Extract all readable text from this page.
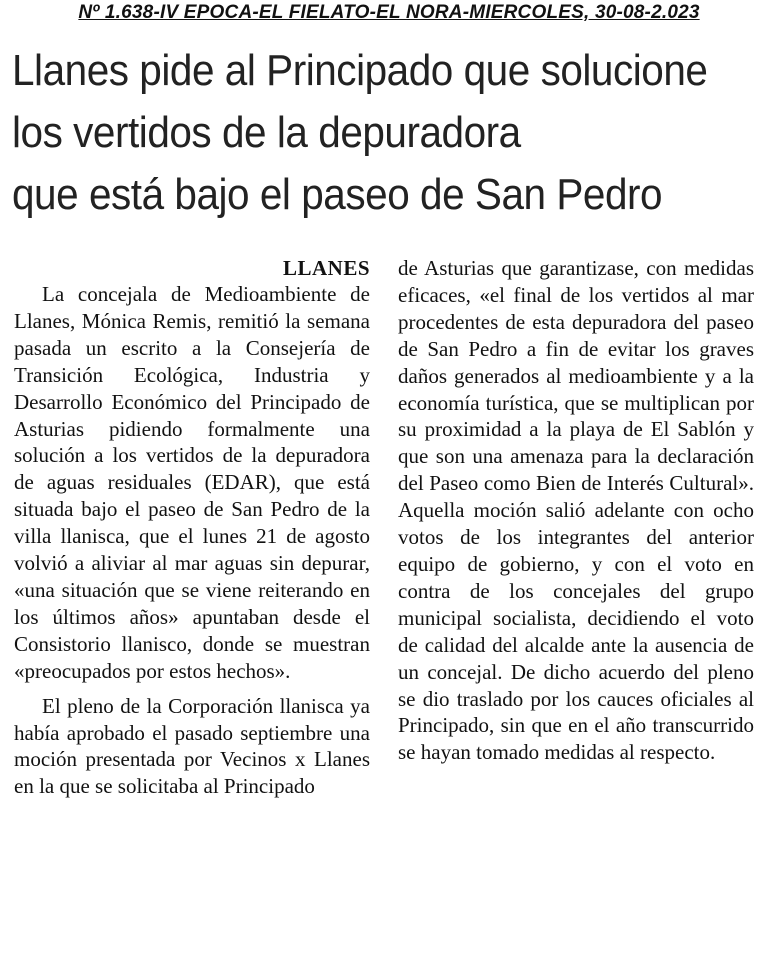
Nº 1.638-IV EPOCA-EL FIELATO-EL NORA-MIERCOLES, 30-08-2.023
Llanes pide al Principado que solucione
los vertidos de la depuradora
que está bajo el paseo de San Pedro
LLANES

La concejala de Medioambiente de Llanes, Mónica Remis, remitió la semana pasada un escrito a la Consejería de Transición Ecológica, Industria y Desarrollo Económico del Principado de Asturias pidiendo formalmente una solución a los vertidos de la depuradora de aguas residuales (EDAR), que está situada bajo el paseo de San Pedro de la villa llanisca, que el lunes 21 de agosto volvió a aliviar al mar aguas sin depurar, «una situación que se viene reiterando en los últimos años» apuntaban desde el Consistorio llanisco, donde se muestran «preocupados por estos hechos».

El pleno de la Corporación llanisca ya había aprobado el pasado septiembre una moción presentada por Vecinos x Llanes en la que se solicitaba al Principado

de Asturias que garantizase, con medidas eficaces, «el final de los vertidos al mar procedentes de esta depuradora del paseo de San Pedro a fin de evitar los graves daños generados al medioambiente y a la economía turística, que se multiplican por su proximidad a la playa de El Sablón y que son una amenaza para la declaración del Paseo como Bien de Interés Cultural». Aquella moción salió adelante con ocho votos de los integrantes del anterior equipo de gobierno, y con el voto en contra de los concejales del grupo municipal socialista, decidiendo el voto de calidad del alcalde ante la ausencia de un concejal. De dicho acuerdo del pleno se dio traslado por los cauces oficiales al Principado, sin que en el año transcurrido se hayan tomado medidas al respecto.
